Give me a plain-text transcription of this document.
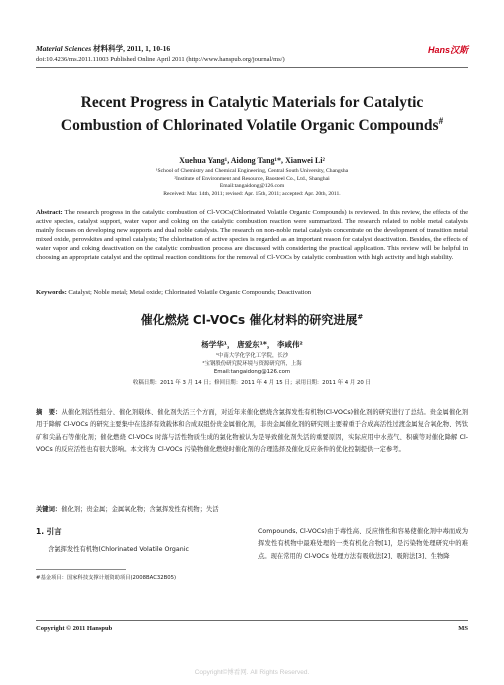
Material Sciences 材料科学, 2011, 1, 10-16
doi:10.4236/ms.2011.11003 Published Online April 2011 (http://www.hanspub.org/journal/ms/)
Hans汉斯
Recent Progress in Catalytic Materials for Catalytic Combustion of Chlorinated Volatile Organic Compounds#
Xuehua Yang¹, Aidong Tang¹*, Xianwei Li²
¹School of Chemistry and Chemical Engineering, Central South University, Changsha
²Institute of Environment and Resource, Baosteel Co., Ltd., Shanghai
Email:tangaidong@126.com
Received: Mar. 14th, 2011; revised: Apr. 15th, 2011; accepted: Apr. 20th, 2011.
Abstract: The research progress in the catalytic combustion of Cl-VOCs(Chlorinated Volatile Organic Compounds) is reviewed. In this review, the effects of the active species, catalyst support, water vapor and coking on the catalytic combustion reaction were summarized. The research related to noble metal catalysts mainly focuses on developing new supports and dual noble catalysts. The research on non-noble metal catalysts concentrate on the development of transition metal mixed oxide, perovskites and spinel catalysts; The chlorination of active species is regarded as an important reason for catalyst deactivation. Besides, the effects of water vapor and coking deactivation on the catalytic combustion process are discussed with considering the practical application. This review will be helpful in choosing an appropriate catalyst and the optimal reaction conditions for the removal of Cl-VOCs by catalytic combustion with high activity and high stability.
Keywords: Catalyst; Noble metal; Metal oxide; Chlorinated Volatile Organic Compounds; Deactivation
催化燃烧 Cl-VOCs 催化材料的研究进展#
杨学华¹， 唐爱东¹*， 李咸伟²
¹中南大学化学化工学院，长沙
²宝钢股份研究院环境与资源研究所，上海
Email:tangaidong@126.com
收稿日期：2011 年 3 月 14 日；修回日期：2011 年 4 月 15 日；录用日期：2011 年 4 月 20 日
摘　要：从催化剂活性组分、催化剂载体、催化剂失活三个方面，对近年来催化燃烧含氯挥发性有机物(Cl-VOCs)催化剂的研究进行了总结。贵金属催化剂用于降解 Cl-VOCs 的研究主要集中在选择有效载体和合成双组份贵金属催化剂，非贵金属催化剂的研究则主要着重于合成高活性过渡金属复合氧化物、钙钛矿和尖晶石等催化剂；催化燃烧 Cl-VOCs 时落与活性物质生成的氯化物被认为是导致催化剂失活的重要原因，实际应用中水蒸气、积碳等对催化降解 Cl-VOCs 的反应活性也有很大影响。本文将为 Cl-VOCs 污染物催化燃烧时催化剂的合理选择及催化反应条件的优化控制提供一定参考。
关键词：催化剂；贵金属；金属氧化物；含氯挥发性有机物；失活
1. 引言
含氯挥发性有机物(Chlorinated Volatile Organic
Compounds, Cl-VOCs)由于毒性高、反应惰性和容易使催化剂中毒而成为挥发性有机物中最难处理的一类有机化合物[1]，是污染物处理研究中的难点。现在常用的 Cl-VOCs 处理方法有吸收法[2]、吸附法[3]、生物降
#基金项目：国家科技支撑计划资助项目(2008BAC32B05)
Copyright © 2011 Hanspub	MS
Copyright©博看网. All Rights Reserved.
